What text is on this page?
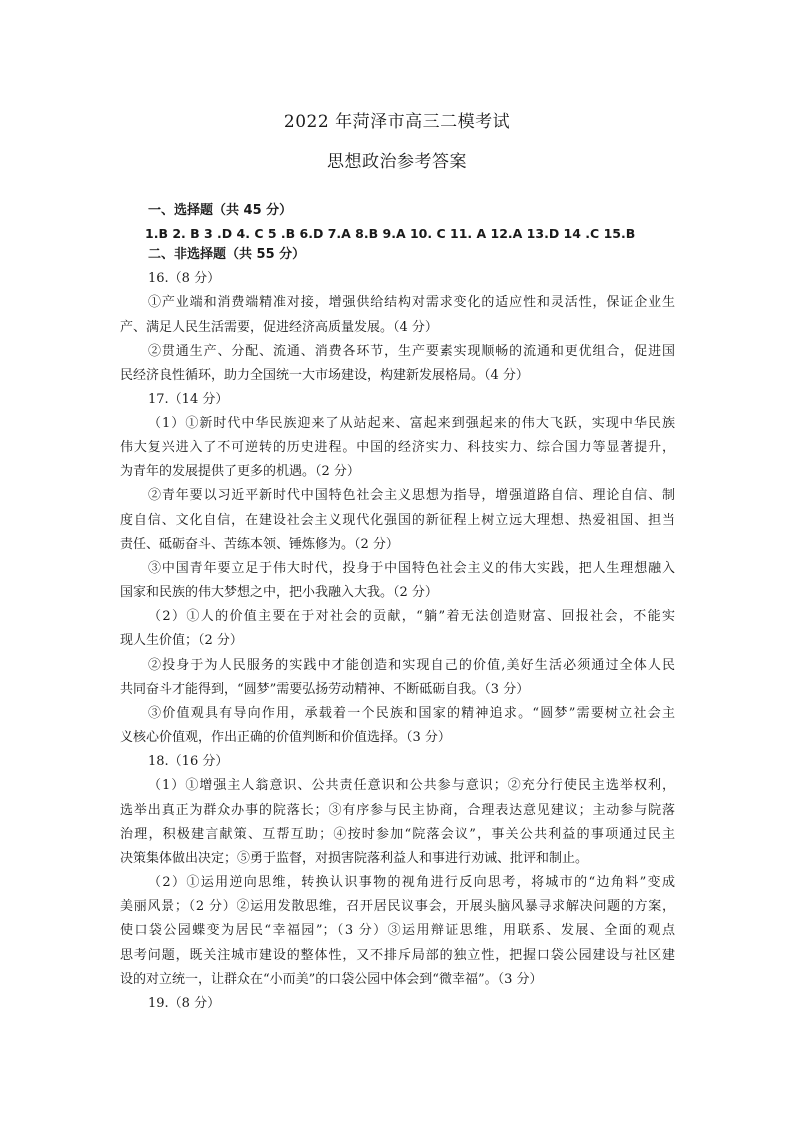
2022 年菏泽市高三二模考试
思想政治参考答案
一、选择题（共 45 分）
1.B 2. B 3 .D 4. C 5 .B 6.D 7.A 8.B 9.A 10. C 11. A 12.A 13.D 14 .C 15.B
二、非选择题（共 55 分）
16.（8 分）
①产业端和消费端精准对接，增强供给结构对需求变化的适应性和灵活性，保证企业生
产、满足人民生活需要，促进经济高质量发展。（4 分）
②贯通生产、分配、流通、消费各环节，生产要素实现顺畅的流通和更优组合，促进国
民经济良性循环，助力全国统一大市场建设，构建新发展格局。（4 分）
17.（14 分）
（1）①新时代中华民族迎来了从站起来、富起来到强起来的伟大飞跃，实现中华民族
伟大复兴进入了不可逆转的历史进程。中国的经济实力、科技实力、综合国力等显著提升，
为青年的发展提供了更多的机遇。（2 分）
②青年要以习近平新时代中国特色社会主义思想为指导，增强道路自信、理论自信、制
度自信、文化自信，在建设社会主义现代化强国的新征程上树立远大理想、热爱祖国、担当
责任、砥砺奋斗、苦练本领、锤炼修为。（2 分）
③中国青年要立足于伟大时代，投身于中国特色社会主义的伟大实践，把人生理想融入
国家和民族的伟大梦想之中，把小我融入大我。（2 分）
（2）①人的价值主要在于对社会的贡献，“躺”着无法创造财富、回报社会，不能实
现人生价值；（2 分）
②投身于为人民服务的实践中才能创造和实现自己的价值,美好生活必须通过全体人民
共同奋斗才能得到，“圆梦”需要弘扬劳动精神、不断砥砺自我。（3 分）
③价值观具有导向作用，承载着一个民族和国家的精神追求。“圆梦”需要树立社会主
义核心价值观，作出正确的价值判断和价值选择。（3 分）
18.（16 分）
（1）①增强主人翁意识、公共责任意识和公共参与意识；②充分行使民主选举权利，
选举出真正为群众办事的院落长；③有序参与民主协商，合理表达意见建议；主动参与院落
治理，积极建言献策、互帮互助；④按时参加“院落会议”，事关公共利益的事项通过民主
决策集体做出决定；⑤勇于监督，对损害院落利益人和事进行劝诫、批评和制止。
（2）①运用逆向思维，转换认识事物的视角进行反向思考，将城市的“边角料”变成
美丽风景；（2 分）②运用发散思维，召开居民议事会，开展头脑风暴寻求解决问题的方案，
使口袋公园蝶变为居民“幸福园”；（3 分）③运用辩证思维，用联系、发展、全面的观点
思考问题，既关注城市建设的整体性，又不排斥局部的独立性，把握口袋公园建设与社区建
设的对立统一，让群众在“小而美”的口袋公园中体会到“微幸福”。（3 分）
19.（8 分）
